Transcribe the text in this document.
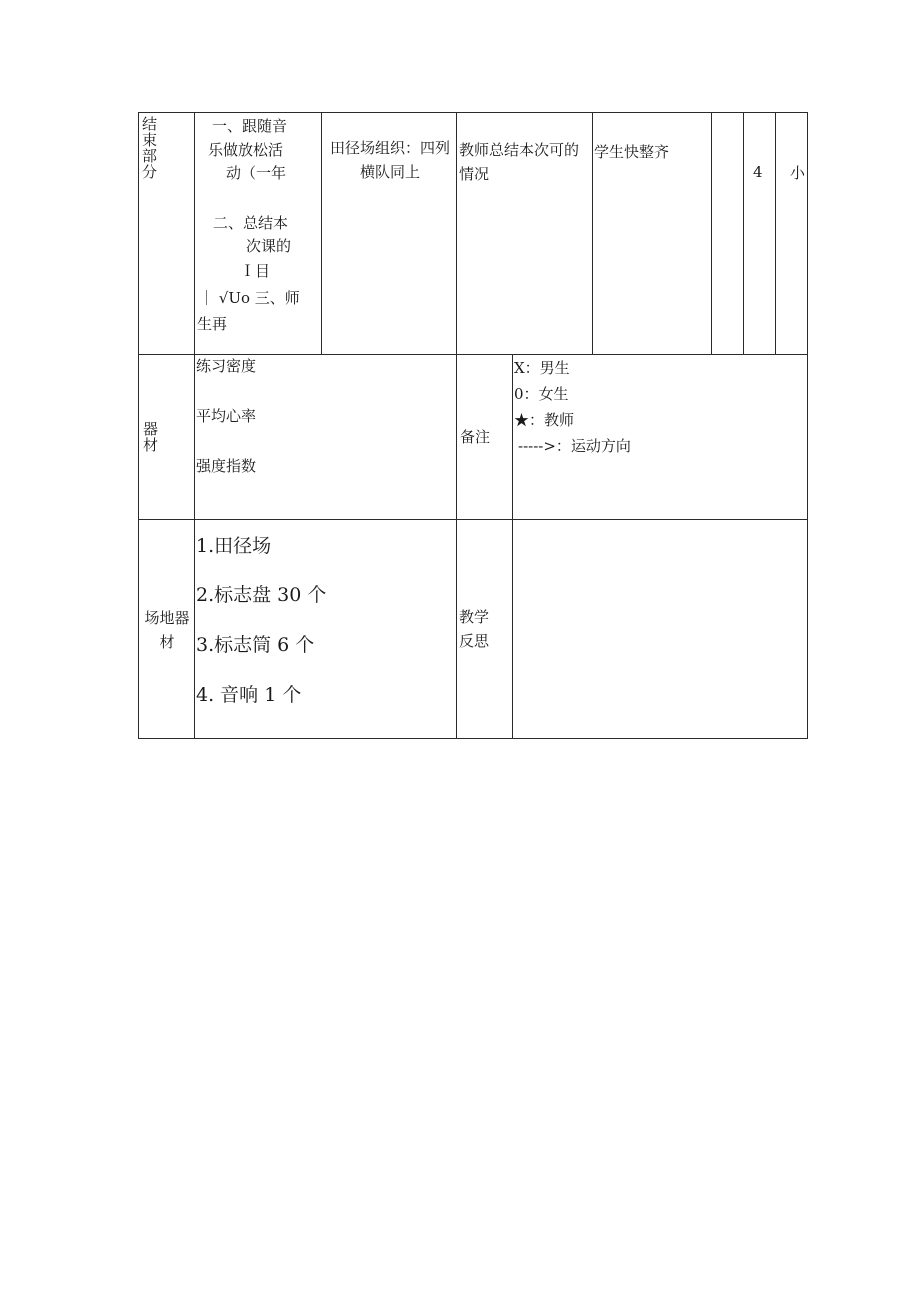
结束部分
一、跟随音
乐做放松活
动（一年
二、总结本
次课的
Ｉ目
｜ √Uo 三、师
生再
田径场组织：四列横队同上
教师总结本次可的情况
学生快整齐
4 小
器材
练习密度
平均心率
强度指数
备注
X：男生
0：女生
★：教师
----->：运动方向
场地器材
1.田径场
2.标志盘 30 个
3.标志筒 6 个
4. 音响 1 个
教学反思
